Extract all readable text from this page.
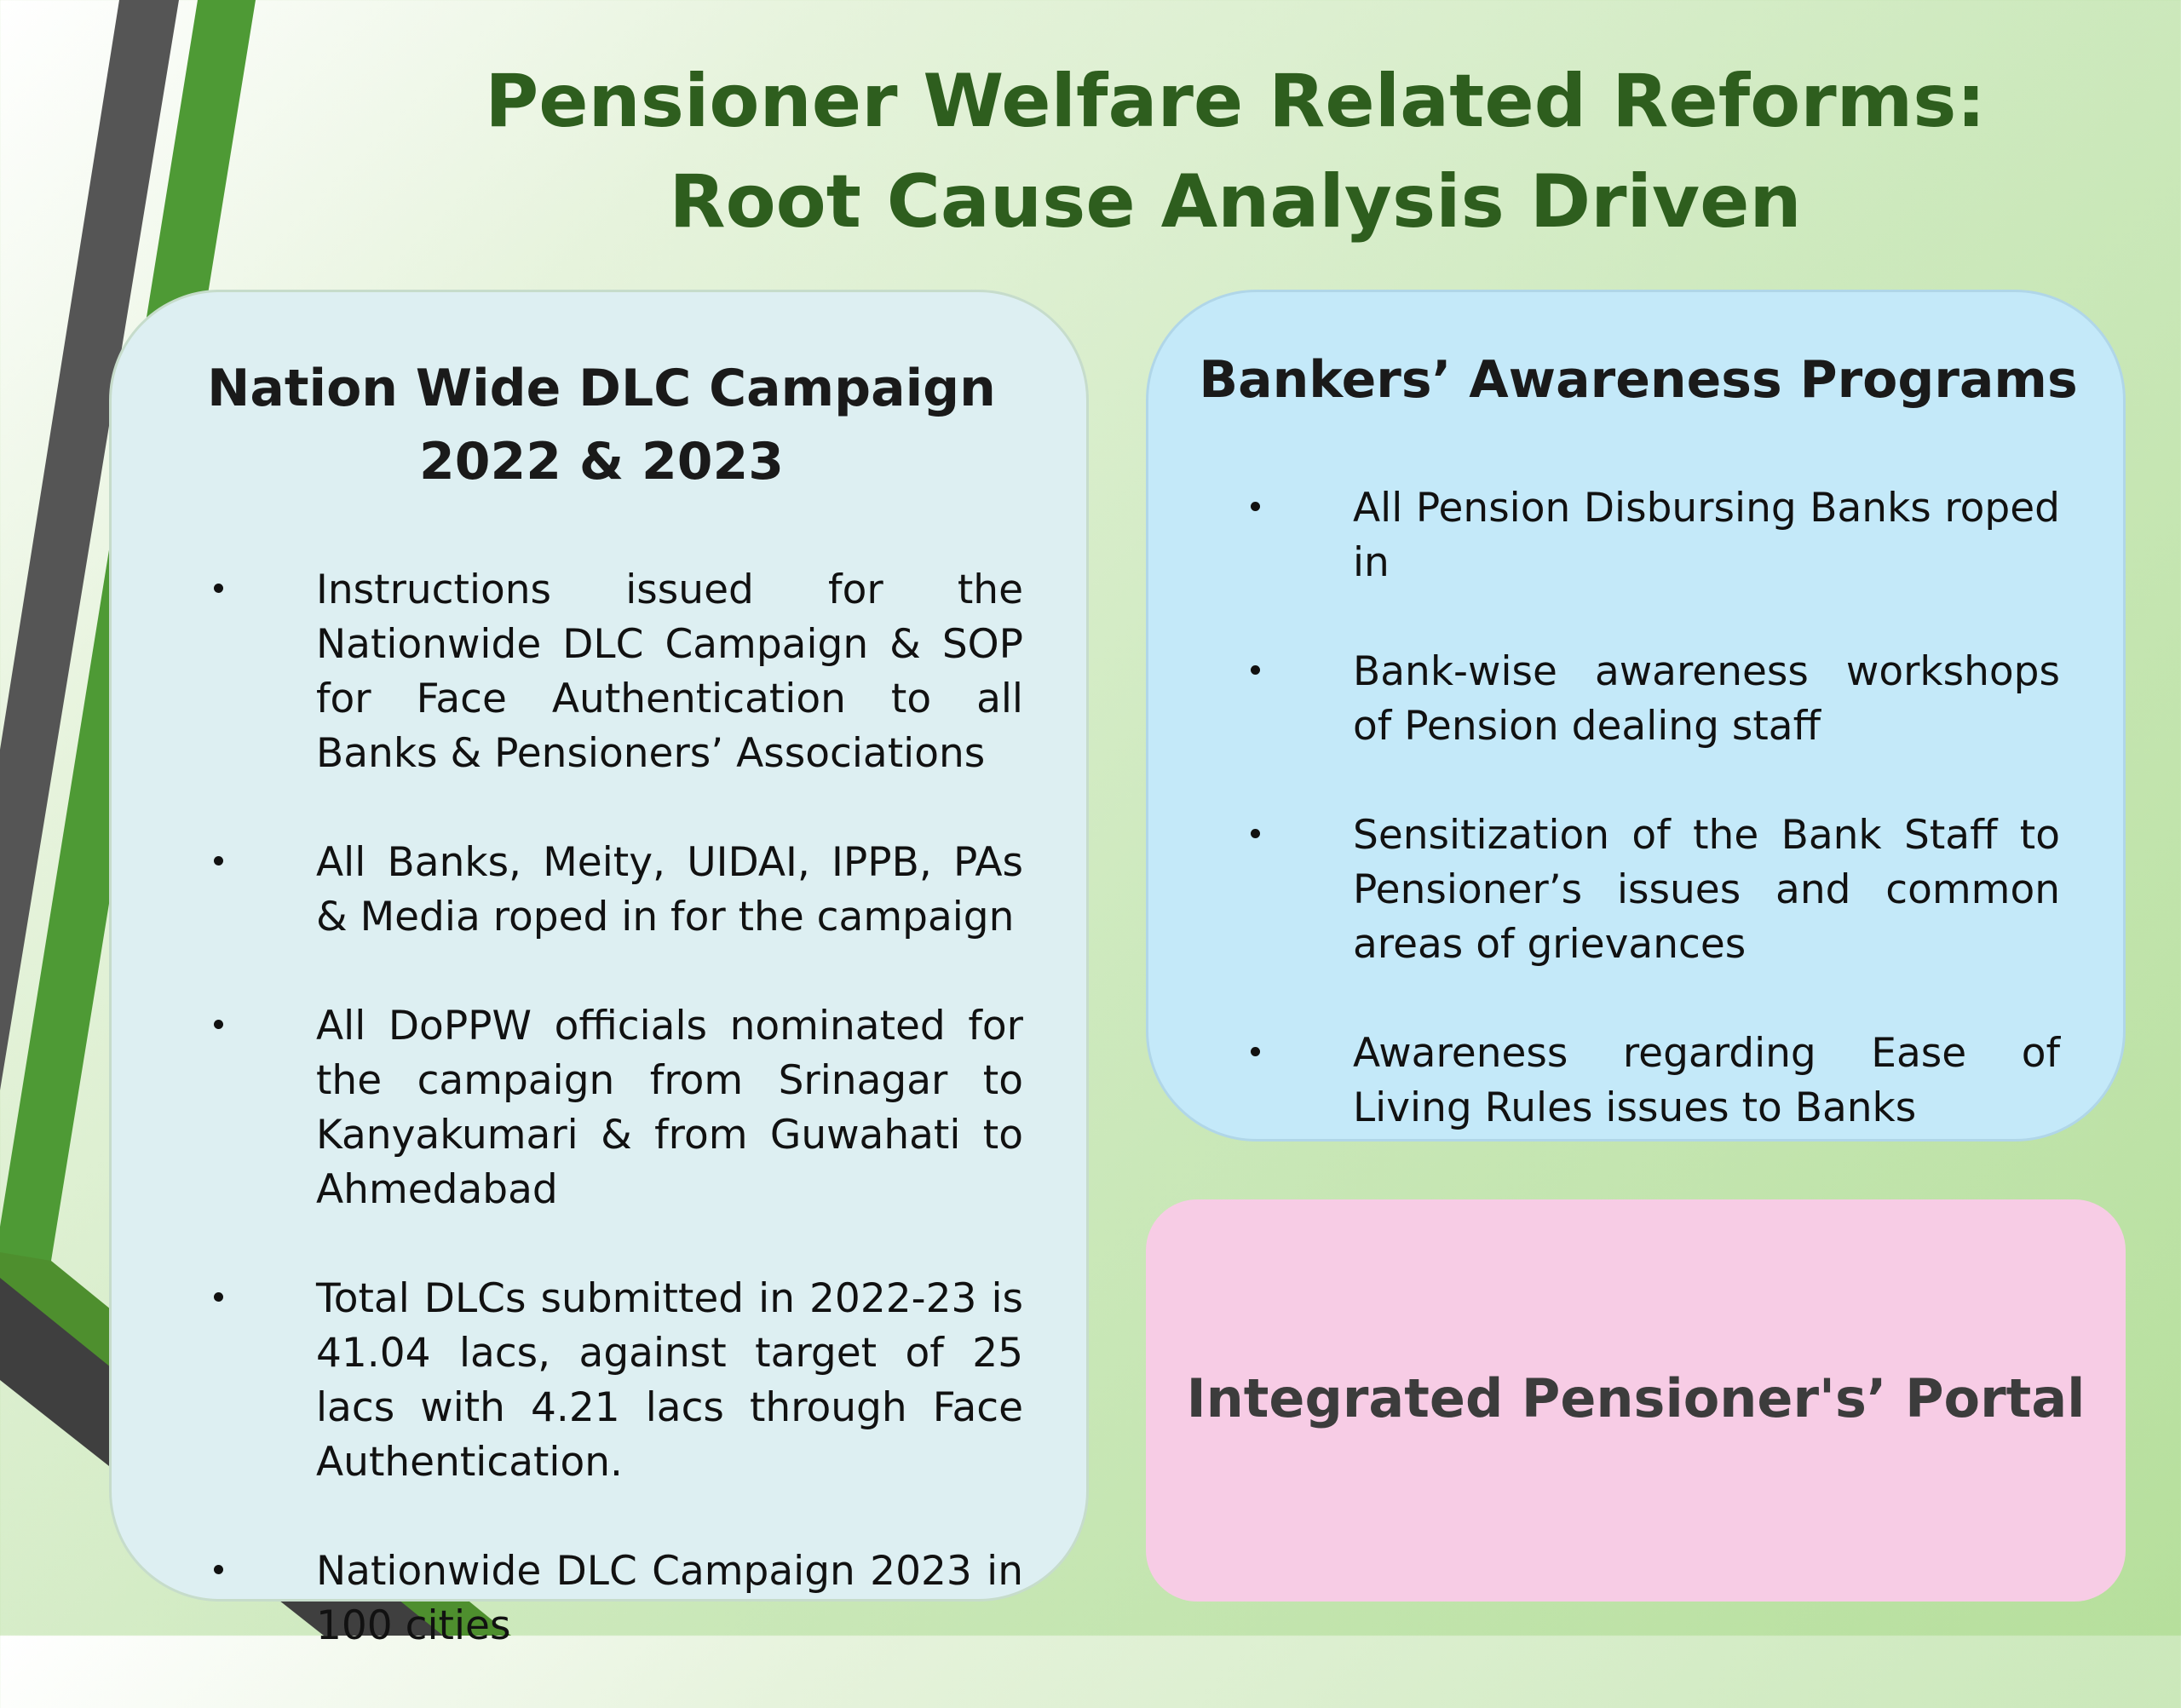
Pensioner Welfare Related Reforms: Root Cause Analysis Driven
Nation Wide DLC Campaign 2022 & 2023
Instructions issued for the Nationwide DLC Campaign & SOP for Face Authentication to all Banks & Pensioners’ Associations
All Banks, Meity, UIDAI, IPPB, PAs & Media roped in for the campaign
All DoPPW officials nominated for the campaign from Srinagar to Kanyakumari & from Guwahati to Ahmedabad
Total DLCs submitted in 2022-23 is 41.04 lacs, against target of 25 lacs with 4.21 lacs through Face Authentication.
Nationwide DLC Campaign 2023 in 100 cities
Bankers’ Awareness Programs
All Pension Disbursing Banks roped in
Bank-wise awareness workshops of Pension dealing staff
Sensitization of the Bank Staff to Pensioner’s issues and common areas of grievances
Awareness regarding Ease of Living Rules issues to Banks
Integrated Pensioner's’ Portal
